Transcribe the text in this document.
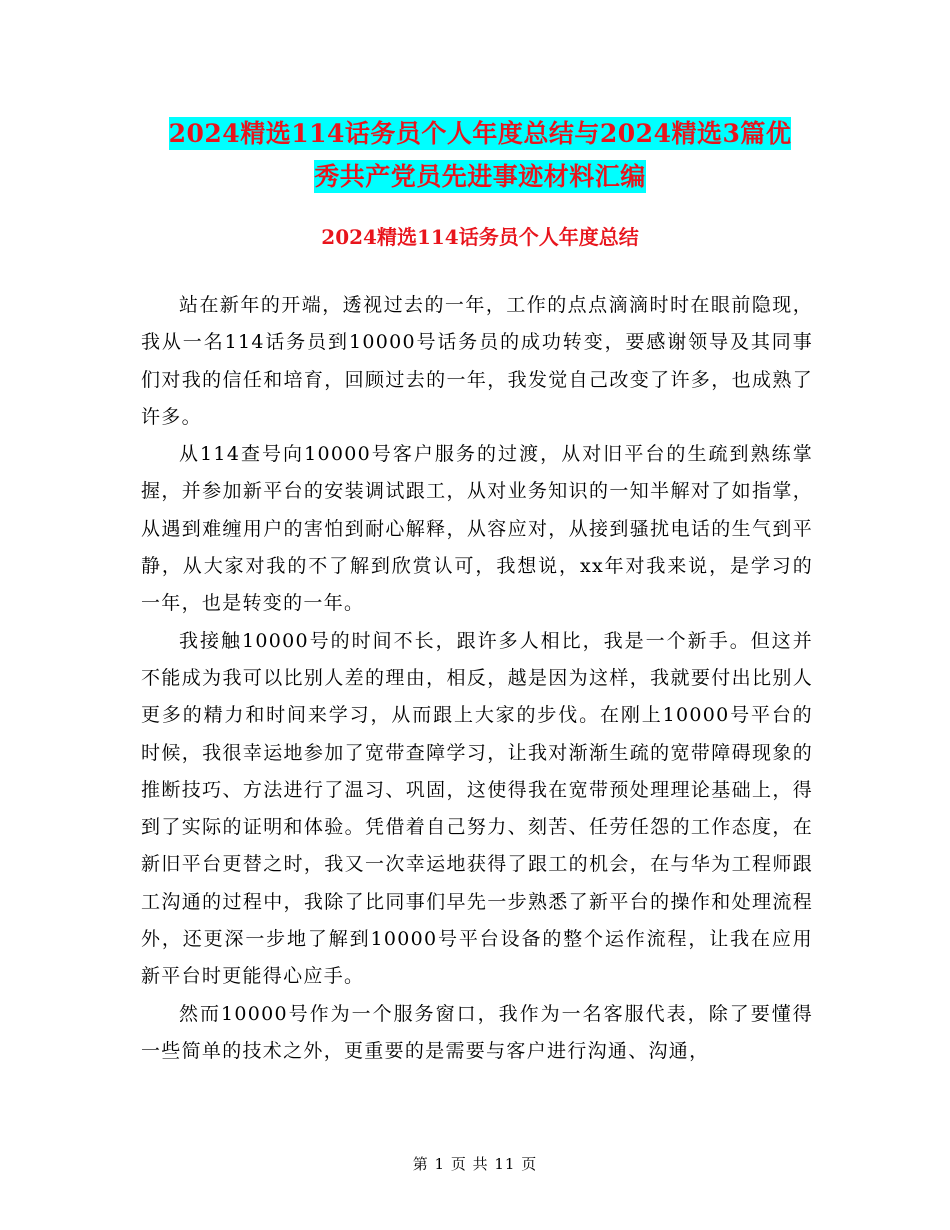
2024精选114话务员个人年度总结与2024精选3篇优
秀共产党员先进事迹材料汇编
2024精选114话务员个人年度总结

站在新年的开端，透视过去的一年，工作的点点滴滴时时在眼前隐现，我从一名114话务员到10000号话务员的成功转变，要感谢领导及其同事们对我的信任和培育，回顾过去的一年，我发觉自己改变了许多，也成熟了许多。

从114查号向10000号客户服务的过渡，从对旧平台的生疏到熟练掌握，并参加新平台的安装调试跟工，从对业务知识的一知半解对了如指掌，从遇到难缠用户的害怕到耐心解释，从容应对，从接到骚扰电话的生气到平静，从大家对我的不了解到欣赏认可，我想说，xx年对我来说，是学习的一年，也是转变的一年。

我接触10000号的时间不长，跟许多人相比，我是一个新手。但这并不能成为我可以比别人差的理由，相反，越是因为这样，我就要付出比别人更多的精力和时间来学习，从而跟上大家的步伐。在刚上10000号平台的时候，我很幸运地参加了宽带查障学习，让我对渐渐生疏的宽带障碍现象的推断技巧、方法进行了温习、巩固，这使得我在宽带预处理理论基础上，得到了实际的证明和体验。凭借着自己努力、刻苦、任劳任怨的工作态度，在新旧平台更替之时，我又一次幸运地获得了跟工的机会，在与华为工程师跟工沟通的过程中，我除了比同事们早先一步熟悉了新平台的操作和处理流程外，还更深一步地了解到10000号平台设备的整个运作流程，让我在应用新平台时更能得心应手。

然而10000号作为一个服务窗口，我作为一名客服代表，除了要懂得一些简单的技术之外，更重要的是需要与客户进行沟通、沟通，

第 1 页 共 11 页
